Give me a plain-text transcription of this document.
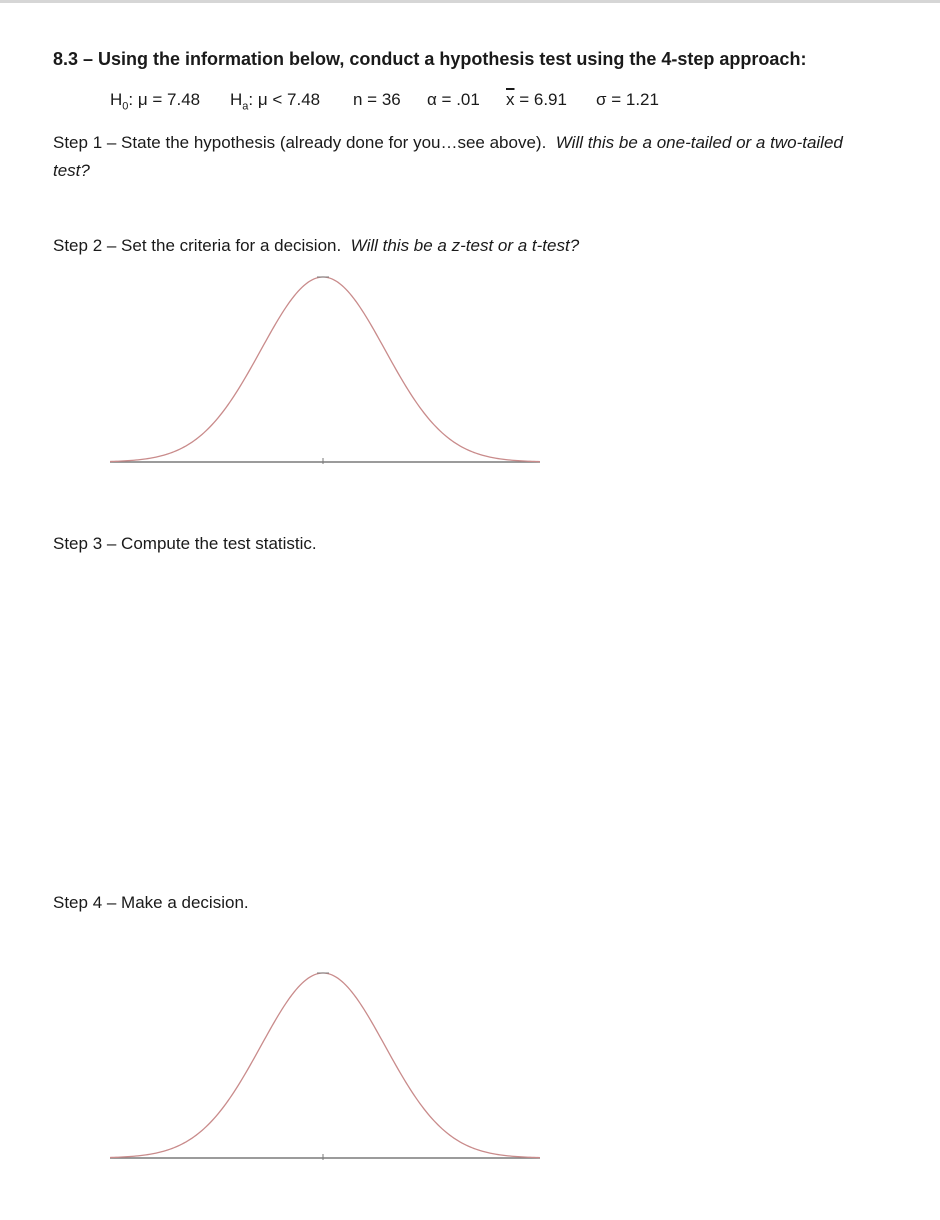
8.3 – Using the information below, conduct a hypothesis test using the 4-step approach:
$H_0$: μ = 7.48 $H_a$: μ < 7.48 n = 36 α = .01 $\overline{x} = 6.91$ σ = 1.21
Step 1 – State the hypothesis (already done for you…see above). Will this be a one-tailed or a two-tailed test?
Step 2 – Set the criteria for a decision. Will this be a z-test or a t-test?
Step 3 – Compute the test statistic.
Step 4 – Make a decision.
